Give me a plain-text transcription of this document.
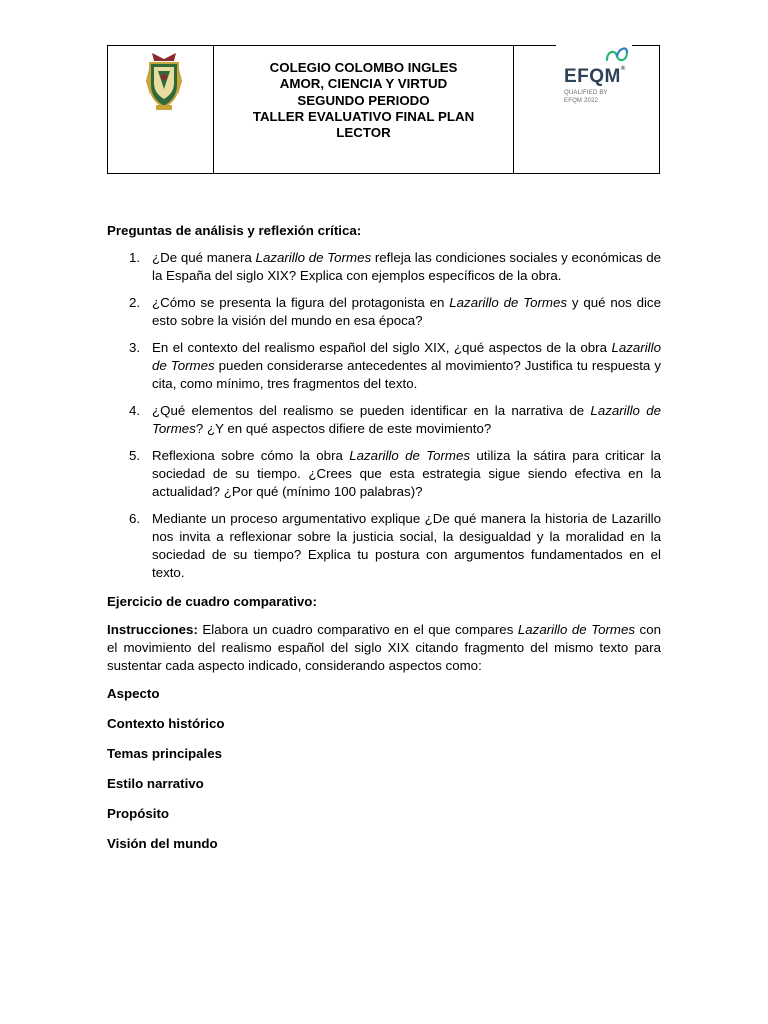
COLEGIO COLOMBO INGLES
AMOR, CIENCIA Y VIRTUD
SEGUNDO PERIODO
TALLER EVALUATIVO FINAL PLAN
LECTOR
EFQM®
QUALIFIED BY
EFQM 2022
Preguntas de análisis y reflexión crítica:
1. ¿De qué manera Lazarillo de Tormes refleja las condiciones sociales y económicas de la España del siglo XIX? Explica con ejemplos específicos de la obra.
2. ¿Cómo se presenta la figura del protagonista en Lazarillo de Tormes y qué nos dice esto sobre la visión del mundo en esa época?
3. En el contexto del realismo español del siglo XIX, ¿qué aspectos de la obra Lazarillo de Tormes pueden considerarse antecedentes al movimiento? Justifica tu respuesta y cita, como mínimo, tres fragmentos del texto.
4. ¿Qué elementos del realismo se pueden identificar en la narrativa de Lazarillo de Tormes? ¿Y en qué aspectos difiere de este movimiento?
5. Reflexiona sobre cómo la obra Lazarillo de Tormes utiliza la sátira para criticar la sociedad de su tiempo. ¿Crees que esta estrategia sigue siendo efectiva en la actualidad? ¿Por qué (mínimo 100 palabras)?
6. Mediante un proceso argumentativo explique ¿De qué manera la historia de Lazarillo nos invita a reflexionar sobre la justicia social, la desigualdad y la moralidad en la sociedad de su tiempo? Explica tu postura con argumentos fundamentados en el texto.
Ejercicio de cuadro comparativo:
Instrucciones: Elabora un cuadro comparativo en el que compares Lazarillo de Tormes con el movimiento del realismo español del siglo XIX citando fragmento del mismo texto para sustentar cada aspecto indicado, considerando aspectos como:
Aspecto
Contexto histórico
Temas principales
Estilo narrativo
Propósito
Visión del mundo
